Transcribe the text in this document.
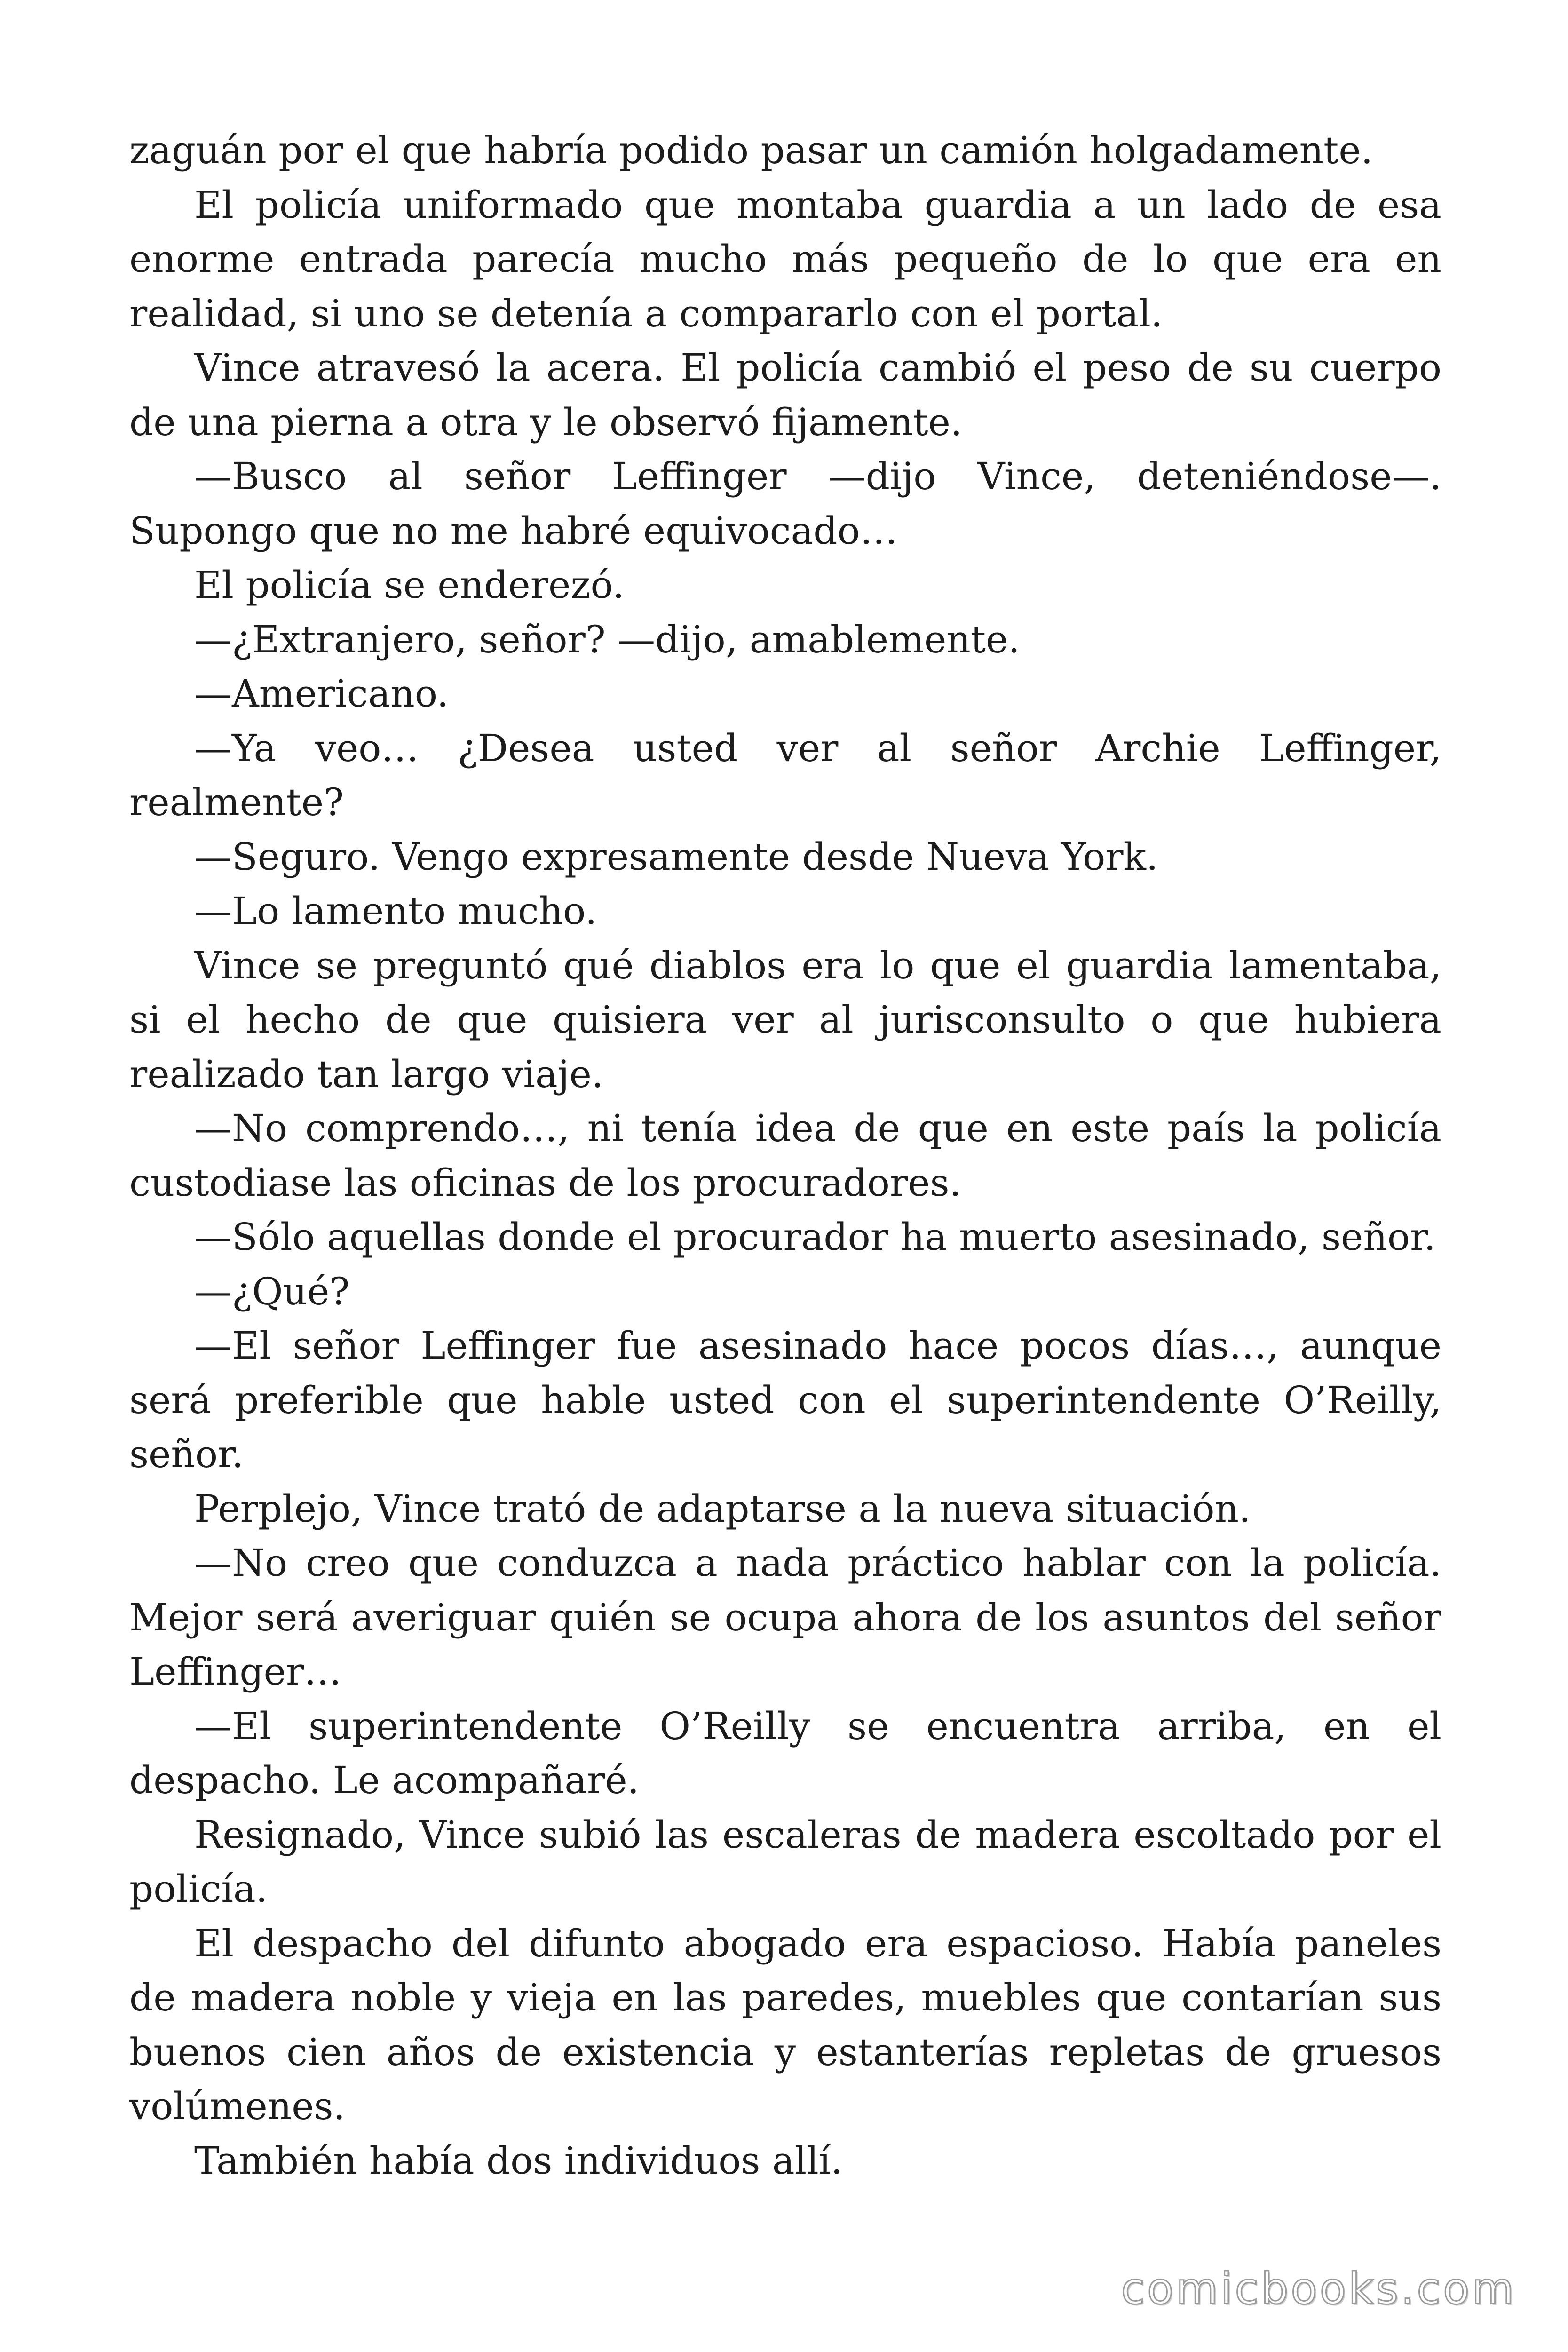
zaguán por el que habría podido pasar un camión holgadamente.

El policía uniformado que montaba guardia a un lado de esa enorme entrada parecía mucho más pequeño de lo que era en realidad, si uno se detenía a compararlo con el portal.

Vince atravesó la acera. El policía cambió el peso de su cuerpo de una pierna a otra y le observó fijamente.

—Busco al señor Leffinger —dijo Vince, deteniéndose—. Supongo que no me habré equivocado…

El policía se enderezó.

—¿Extranjero, señor? —dijo, amablemente.

—Americano.

—Ya veo… ¿Desea usted ver al señor Archie Leffinger, realmente?

—Seguro. Vengo expresamente desde Nueva York.

—Lo lamento mucho.

Vince se preguntó qué diablos era lo que el guardia lamentaba, si el hecho de que quisiera ver al jurisconsulto o que hubiera realizado tan largo viaje.

—No comprendo…, ni tenía idea de que en este país la policía custodiase las oficinas de los procuradores.

—Sólo aquellas donde el procurador ha muerto asesinado, señor.

—¿Qué?

—El señor Leffinger fue asesinado hace pocos días…, aunque será preferible que hable usted con el superintendente O’Reilly, señor.

Perplejo, Vince trató de adaptarse a la nueva situación.

—No creo que conduzca a nada práctico hablar con la policía. Mejor será averiguar quién se ocupa ahora de los asuntos del señor Leffinger…

—El superintendente O’Reilly se encuentra arriba, en el despacho. Le acompañaré.

Resignado, Vince subió las escaleras de madera escoltado por el policía.

El despacho del difunto abogado era espacioso. Había paneles de madera noble y vieja en las paredes, muebles que contarían sus buenos cien años de existencia y estanterías repletas de gruesos volúmenes.

También había dos individuos allí.

comicbooks.com
